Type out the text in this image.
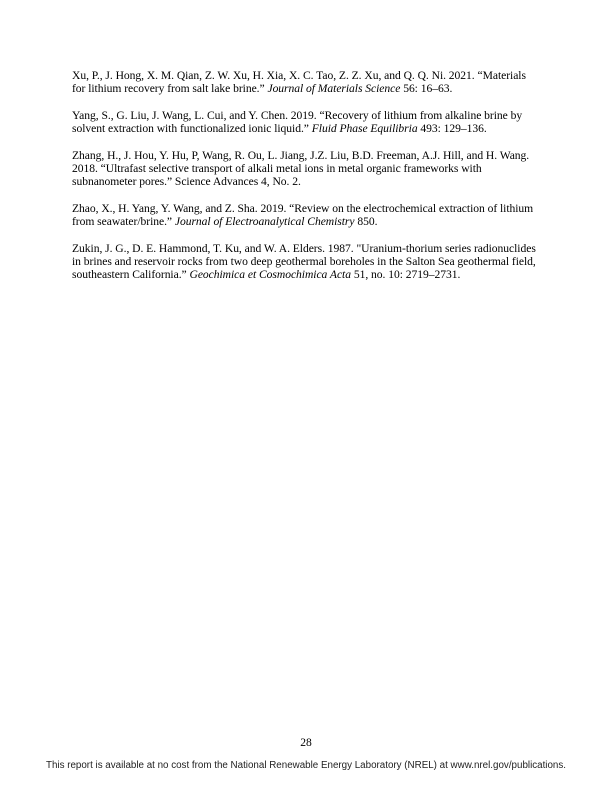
Xu, P., J. Hong, X. M. Qian, Z. W. Xu, H. Xia, X. C. Tao, Z. Z. Xu, and Q. Q. Ni. 2021. “Materials for lithium recovery from salt lake brine.” Journal of Materials Science 56: 16–63.

Yang, S., G. Liu, J. Wang, L. Cui, and Y. Chen. 2019. “Recovery of lithium from alkaline brine by solvent extraction with functionalized ionic liquid.” Fluid Phase Equilibria 493: 129–136.

Zhang, H., J. Hou, Y. Hu, P, Wang, R. Ou, L. Jiang, J.Z. Liu, B.D. Freeman, A.J. Hill, and H. Wang. 2018. “Ultrafast selective transport of alkali metal ions in metal organic frameworks with subnanometer pores.” Science Advances 4, No. 2.

Zhao, X., H. Yang, Y. Wang, and Z. Sha. 2019. “Review on the electrochemical extraction of lithium from seawater/brine.” Journal of Electroanalytical Chemistry 850.

Zukin, J. G., D. E. Hammond, T. Ku, and W. A. Elders. 1987. "Uranium-thorium series radionuclides in brines and reservoir rocks from two deep geothermal boreholes in the Salton Sea geothermal field, southeastern California.” Geochimica et Cosmochimica Acta 51, no. 10: 2719–2731.

28
This report is available at no cost from the National Renewable Energy Laboratory (NREL) at www.nrel.gov/publications.
